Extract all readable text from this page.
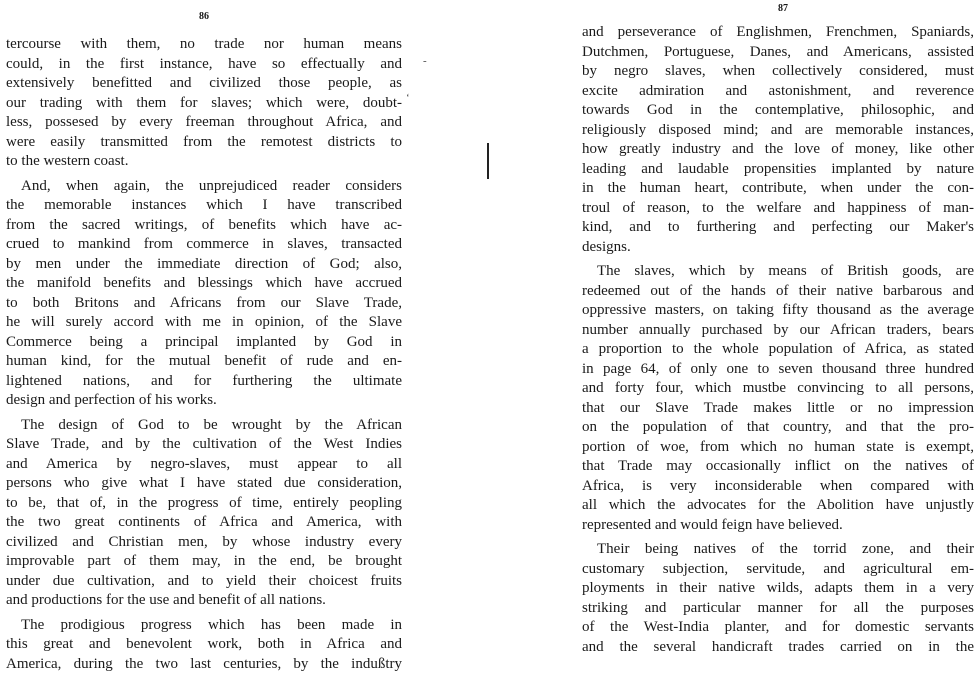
86
87
tercourse with them, no trade nor human means
could, in the first instance, have so effectually and
extensively benefitted and civilized those people, as
our trading with them for slaves; which were, doubt-
less, possesed by every freeman throughout Africa, and
were easily transmitted from the remotest districts to
to the western coast.
And, when again, the unprejudiced reader considers
the memorable instances which I have transcribed
from the sacred writings, of benefits which have ac-
crued to mankind from commerce in slaves, transacted
by men under the immediate direction of God; also,
the manifold benefits and blessings which have accrued
to both Britons and Africans from our Slave Trade,
he will surely accord with me in opinion, of the Slave
Commerce being a principal implanted by God in
human kind, for the mutual benefit of rude and en-
lightened nations, and for furthering the ultimate
design and perfection of his works.
The design of God to be wrought by the African
Slave Trade, and by the cultivation of the West Indies
and America by negro-slaves, must appear to all
persons who give what I have stated due consideration,
to be, that of, in the progress of time, entirely peopling
the two great continents of Africa and America, with
civilized and Christian men, by whose industry every
improvable part of them may, in the end, be brought
under due cultivation, and to yield their choicest fruits
and productions for the use and benefit of all nations.
The prodigious progress which has been made in
this great and benevolent work, both in Africa and
America, during the two last centuries, by the indußtry
and perseverance of Englishmen, Frenchmen, Spaniards,
Dutchmen, Portuguese, Danes, and Americans, assisted
by negro slaves, when collectively considered, must
excite admiration and astonishment, and reverence
towards God in the contemplative, philosophic, and
religiously disposed mind; and are memorable instances,
how greatly industry and the love of money, like other
leading and laudable propensities implanted by nature
in the human heart, contribute, when under the con-
troul of reason, to the welfare and happiness of man-
kind, and to furthering and perfecting our Maker's
designs.
The slaves, which by means of British goods, are
redeemed out of the hands of their native barbarous and
oppressive masters, on taking fifty thousand as the average
number annually purchased by our African traders, bears
a proportion to the whole population of Africa, as stated
in page 64, of only one to seven thousand three hundred
and forty four, which mustbe convincing to all persons,
that our Slave Trade makes little or no impression
on the population of that country, and that the pro-
portion of woe, from which no human state is exempt,
that Trade may occasionally inflict on the natives of
Africa, is very inconsiderable when compared with
all which the advocates for the Abolition have unjustly
represented and would feign have believed.
Their being natives of the torrid zone, and their
customary subjection, servitude, and agricultural em-
ployments in their native wilds, adapts them in a very
striking and particular manner for all the purposes
of the West-India planter, and for domestic servants
and the several handicraft trades carried on in the
-
ʻ
